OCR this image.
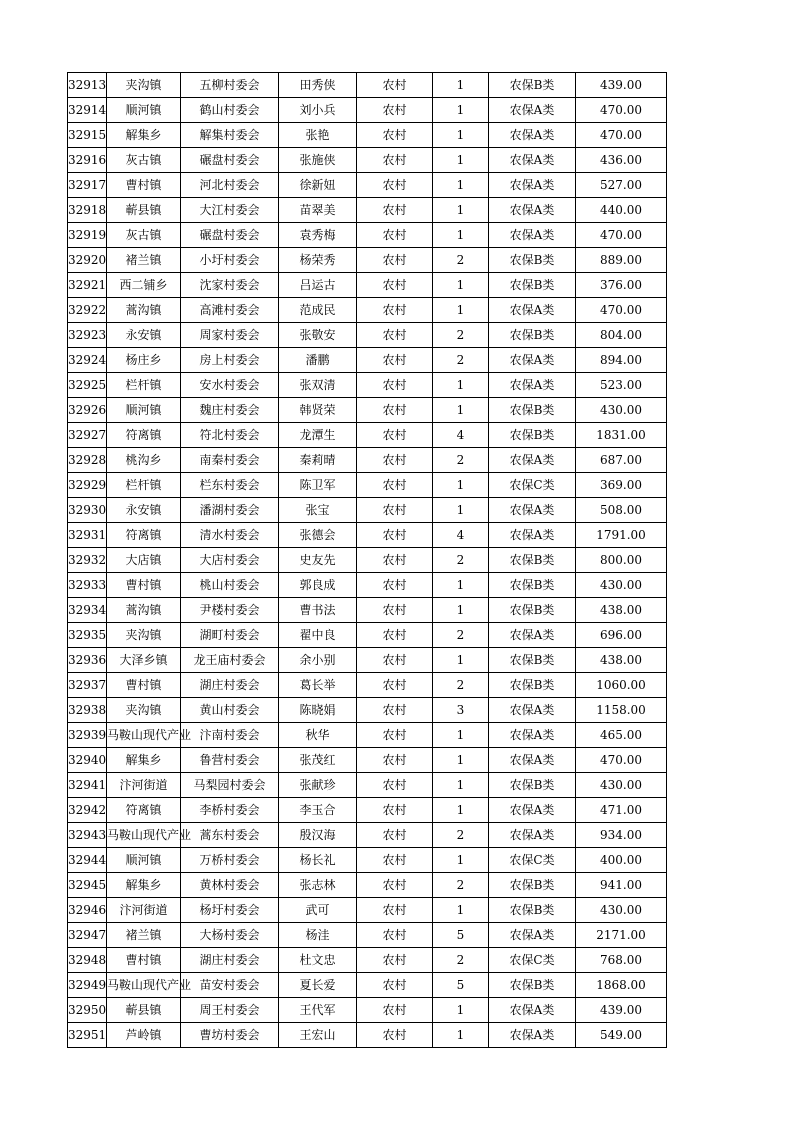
32913	夹沟镇	五柳村委会	田秀侠	农村	1	农保B类	439.00
32914	顺河镇	鹤山村委会	刘小兵	农村	1	农保A类	470.00
32915	解集乡	解集村委会	张艳	农村	1	农保A类	470.00
32916	灰古镇	碾盘村委会	张施侠	农村	1	农保A类	436.00
32917	曹村镇	河北村委会	徐新妞	农村	1	农保A类	527.00
32918	蕲县镇	大江村委会	苗翠美	农村	1	农保A类	440.00
32919	灰古镇	碾盘村委会	袁秀梅	农村	1	农保A类	470.00
32920	褚兰镇	小圩村委会	杨荣秀	农村	2	农保B类	889.00
32921	西二铺乡	沈家村委会	吕运古	农村	1	农保B类	376.00
32922	蒿沟镇	高滩村委会	范成民	农村	1	农保A类	470.00
32923	永安镇	周家村委会	张敬安	农村	2	农保B类	804.00
32924	杨庄乡	房上村委会	潘鹏	农村	2	农保A类	894.00
32925	栏杆镇	安水村委会	张双清	农村	1	农保A类	523.00
32926	顺河镇	魏庄村委会	韩贤荣	农村	1	农保B类	430.00
32927	符离镇	符北村委会	龙潭生	农村	4	农保B类	1831.00
32928	桃沟乡	南秦村委会	秦莉晴	农村	2	农保A类	687.00
32929	栏杆镇	栏东村委会	陈卫军	农村	1	农保C类	369.00
32930	永安镇	潘湖村委会	张宝	农村	1	农保A类	508.00
32931	符离镇	清水村委会	张德会	农村	4	农保A类	1791.00
32932	大店镇	大店村委会	史友先	农村	2	农保B类	800.00
32933	曹村镇	桃山村委会	郭良成	农村	1	农保B类	430.00
32934	蒿沟镇	尹楼村委会	曹书法	农村	1	农保B类	438.00
32935	夹沟镇	湖町村委会	翟中良	农村	2	农保A类	696.00
32936	大泽乡镇	龙王庙村委会	余小别	农村	1	农保B类	438.00
32937	曹村镇	湖庄村委会	葛长举	农村	2	农保B类	1060.00
32938	夹沟镇	黄山村委会	陈晓娟	农村	3	农保A类	1158.00
32939	马鞍山现代产业	汴南村委会	秋华	农村	1	农保A类	465.00
32940	解集乡	鲁营村委会	张茂红	农村	1	农保A类	470.00
32941	汴河街道	马梨园村委会	张献珍	农村	1	农保B类	430.00
32942	符离镇	李桥村委会	李玉合	农村	1	农保A类	471.00
32943	马鞍山现代产业	蒿东村委会	殷汉海	农村	2	农保A类	934.00
32944	顺河镇	万桥村委会	杨长礼	农村	1	农保C类	400.00
32945	解集乡	黄林村委会	张志林	农村	2	农保B类	941.00
32946	汴河街道	杨圩村委会	武可	农村	1	农保B类	430.00
32947	褚兰镇	大杨村委会	杨洼	农村	5	农保A类	2171.00
32948	曹村镇	湖庄村委会	杜文忠	农村	2	农保C类	768.00
32949	马鞍山现代产业	苗安村委会	夏长爱	农村	5	农保B类	1868.00
32950	蕲县镇	周王村委会	王代军	农村	1	农保A类	439.00
32951	芦岭镇	曹坊村委会	王宏山	农村	1	农保A类	549.00
